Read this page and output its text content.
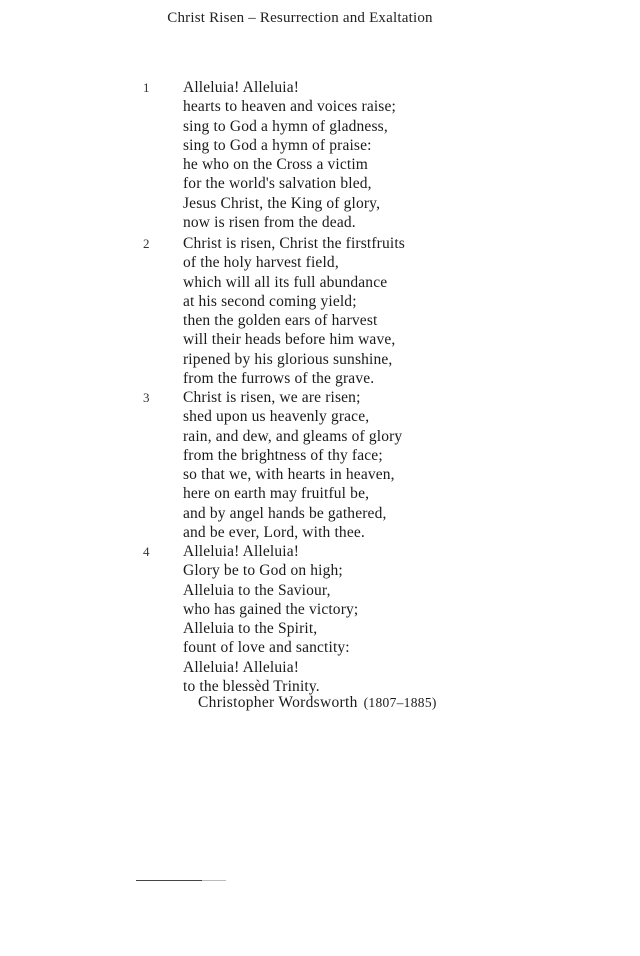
Christ Risen – Resurrection and Exaltation
1 Alleluia! Alleluia!
hearts to heaven and voices raise;
sing to God a hymn of gladness,
sing to God a hymn of praise:
he who on the Cross a victim
for the world's salvation bled,
Jesus Christ, the King of glory,
now is risen from the dead.
2 Christ is risen, Christ the firstfruits
of the holy harvest field,
which will all its full abundance
at his second coming yield;
then the golden ears of harvest
will their heads before him wave,
ripened by his glorious sunshine,
from the furrows of the grave.
3 Christ is risen, we are risen;
shed upon us heavenly grace,
rain, and dew, and gleams of glory
from the brightness of thy face;
so that we, with hearts in heaven,
here on earth may fruitful be,
and by angel hands be gathered,
and be ever, Lord, with thee.
4 Alleluia! Alleluia!
Glory be to God on high;
Alleluia to the Saviour,
who has gained the victory;
Alleluia to the Spirit,
fount of love and sanctity:
Alleluia! Alleluia!
to the blessèd Trinity.
Christopher Wordsworth (1807–1885)
